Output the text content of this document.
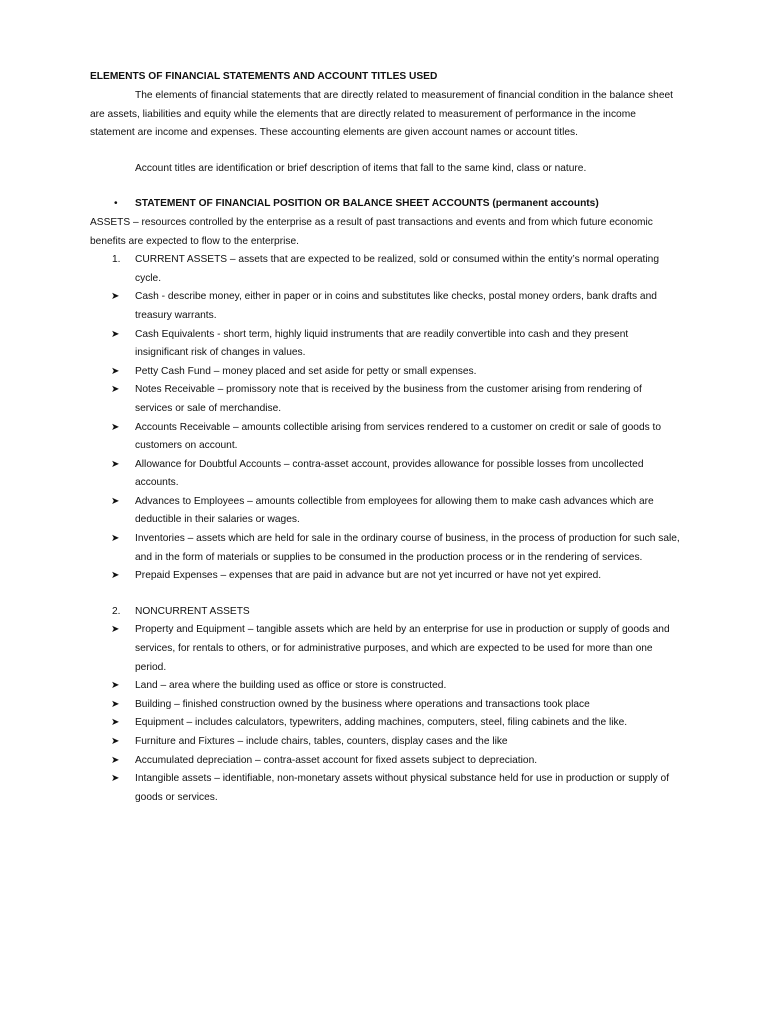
ELEMENTS OF FINANCIAL STATEMENTS AND ACCOUNT TITLES USED

The elements of financial statements that are directly related to measurement of financial condition in the balance sheet are assets, liabilities and equity while the elements that are directly related to measurement of performance in the income statement are income and expenses. These accounting elements are given account names or account titles.

Account titles are identification or brief description of items that fall to the same kind, class or nature.

• STATEMENT OF FINANCIAL POSITION OR BALANCE SHEET ACCOUNTS (permanent accounts)

ASSETS – resources controlled by the enterprise as a result of past transactions and events and from which future economic benefits are expected to flow to the enterprise.

1. CURRENT ASSETS – assets that are expected to be realized, sold or consumed within the entity’s normal operating cycle.
➤ Cash - describe money, either in paper or in coins and substitutes like checks, postal money orders, bank drafts and treasury warrants.
➤ Cash Equivalents - short term, highly liquid instruments that are readily convertible into cash and they present insignificant risk of changes in values.
➤ Petty Cash Fund – money placed and set aside for petty or small expenses.
➤ Notes Receivable – promissory note that is received by the business from the customer arising from rendering of services or sale of merchandise.
➤ Accounts Receivable – amounts collectible arising from services rendered to a customer on credit or sale of goods to customers on account.
➤ Allowance for Doubtful Accounts – contra-asset account, provides allowance for possible losses from uncollected accounts.
➤ Advances to Employees – amounts collectible from employees for allowing them to make cash advances which are deductible in their salaries or wages.
➤ Inventories – assets which are held for sale in the ordinary course of business, in the process of production for such sale, and in the form of materials or supplies to be consumed in the production process or in the rendering of services.
➤ Prepaid Expenses – expenses that are paid in advance but are not yet incurred or have not yet expired.
2. NONCURRENT ASSETS
➤ Property and Equipment – tangible assets which are held by an enterprise for use in production or supply of goods and services, for rentals to others, or for administrative purposes, and which are expected to be used for more than one period.
➤ Land – area where the building used as office or store is constructed.
➤ Building – finished construction owned by the business where operations and transactions took place
➤ Equipment – includes calculators, typewriters, adding machines, computers, steel, filing cabinets and the like.
➤ Furniture and Fixtures – include chairs, tables, counters, display cases and the like
➤ Accumulated depreciation – contra-asset account for fixed assets subject to depreciation.
➤ Intangible assets – identifiable, non-monetary assets without physical substance held for use in production or supply of goods or services.
